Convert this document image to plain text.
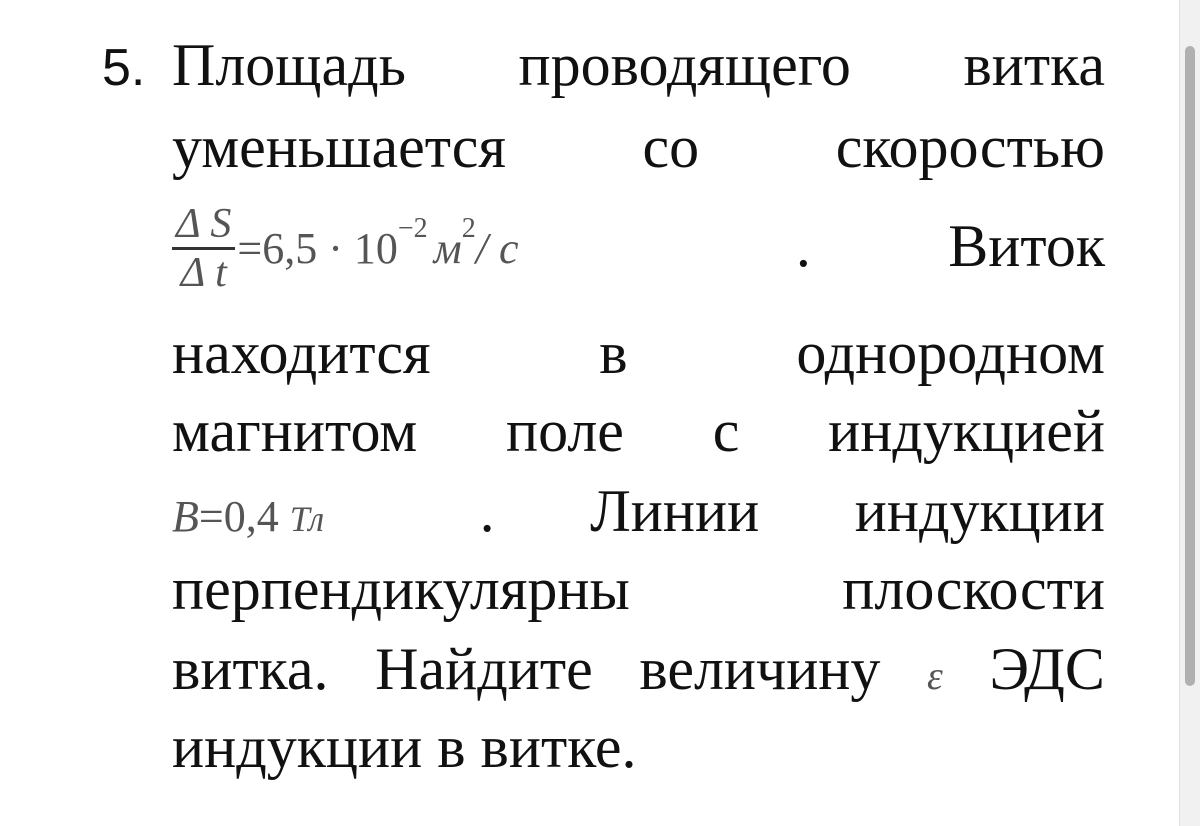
5. Площадь проводящего витка
уменьшается со скоростью
$\frac{\text{Δ S}}{\text{Δ t}} =6,5 \cdot 10^{-2}$ $м^2/$ с	. Виток
находится	в	однородном
магнитом поле с индукцией
B=0,4 Тл	. Линии индукции
перпендикулярны	плоскости
витка. Найдите величину ε ЭДС
индукции в витке.
